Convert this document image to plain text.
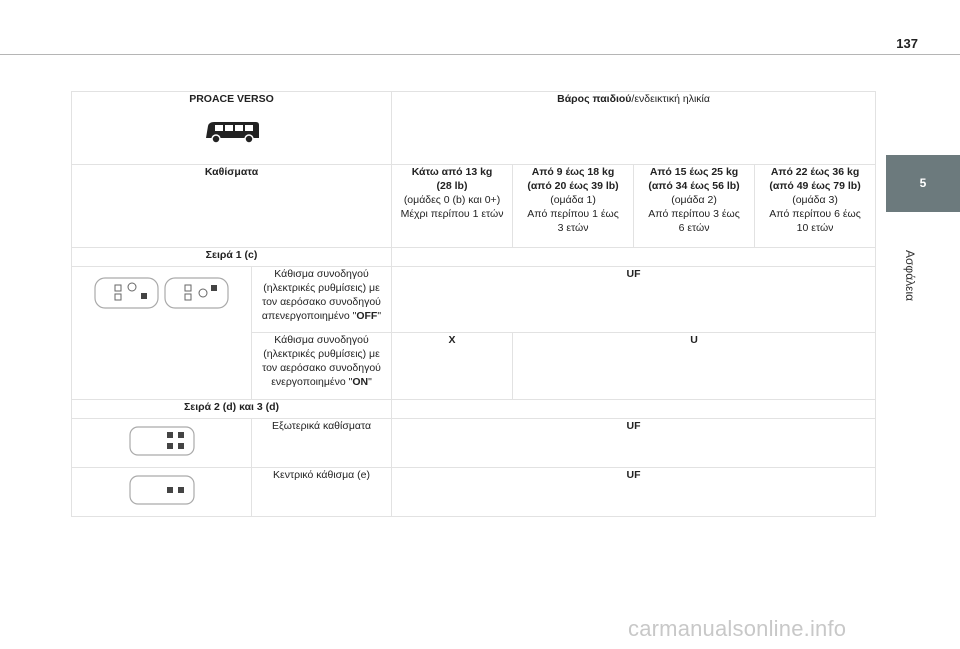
137
5
Ασφάλεια
PROACE VERSO		Βάρος παιδιού/ενδεικτική ηλικία			
Καθίσματα		Κάτω από 13 kg
(28 lb)
(ομάδες 0 (b) και 0+)
Μέχρι περίπου 1 ετών	Από 9 έως 18 kg
(από 20 έως 39 lb)
(ομάδα 1)
Από περίπου 1 έως
3 ετών	Από 15 έως 25 kg
(από 34 έως 56 lb)
(ομάδα 2)
Από περίπου 3 έως
6 ετών	Από 22 έως 36 kg
(από 49 έως 79 lb)
(ομάδα 3)
Από περίπου 6 έως
10 ετών

Σειρά 1 (c)					

Κάθισμα συνοδηγού
(ηλεκτρικές ρυθμίσεις) με
τον αερόσακο συνοδηγού
απενεργοποιημένο "OFF"	UF			

	Κάθισμα συνοδηγού
(ηλεκτρικές ρυθμίσεις) με
τον αερόσακο συνοδηγού
ενεργοποιημένο "ON"	X	U		
Σειρά 2 (d) και 3 (d)					
	Εξωτερικά καθίσματα	UF			
	Κεντρικό κάθισμα (e)	UF			
carmanualsonline.info
